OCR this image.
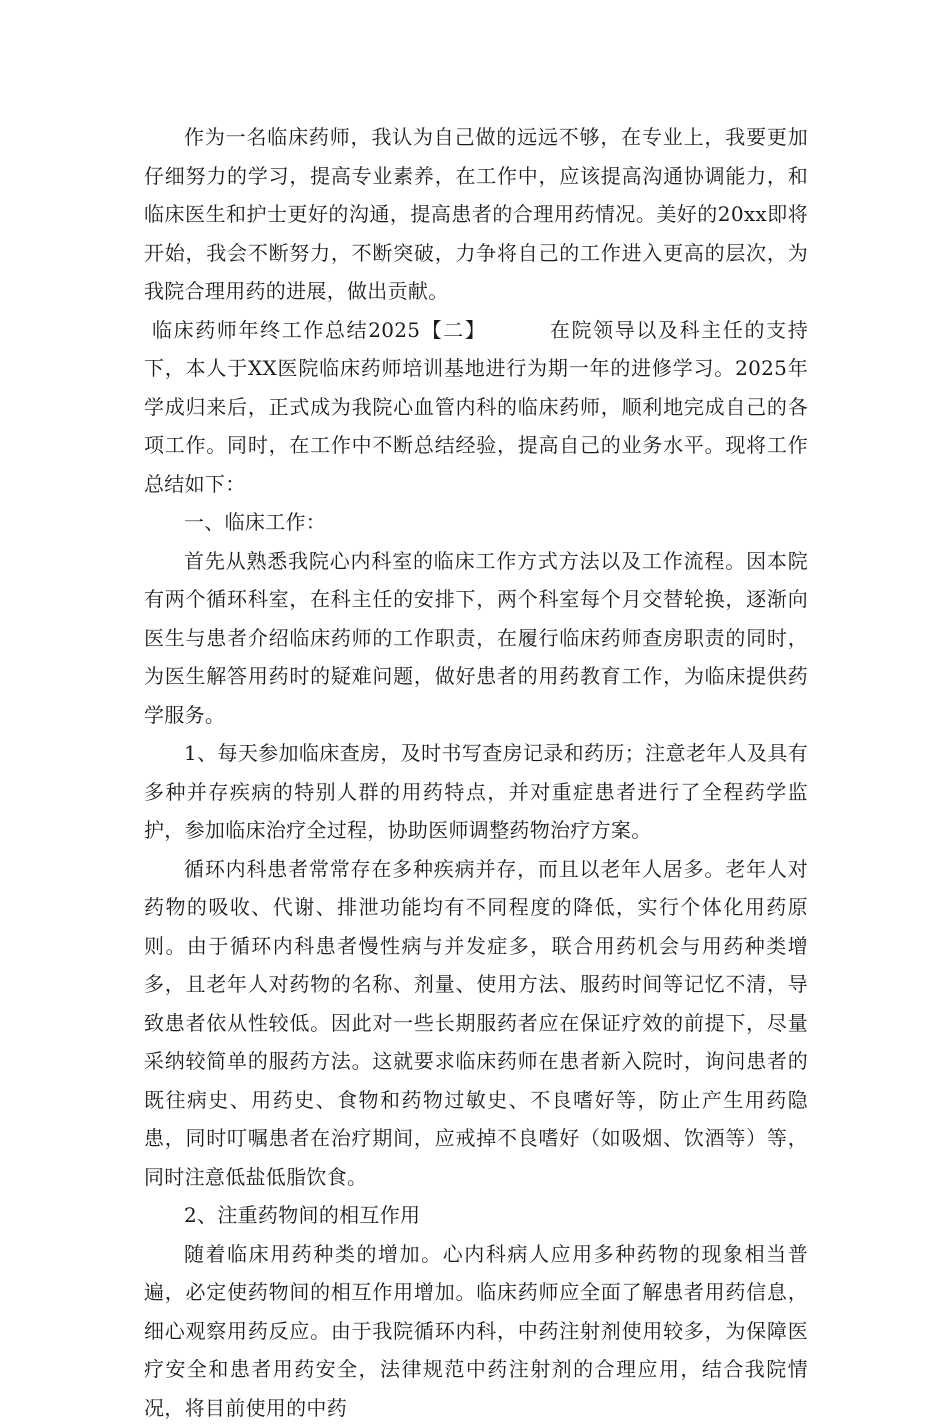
作为一名临床药师，我认为自己做的远远不够，在专业上，我要更加仔细努力的学习，提高专业素养，在工作中，应该提高沟通协调能力，和临床医生和护士更好的沟通，提高患者的合理用药情况。美好的20xx即将开始，我会不断努力，不断突破，力争将自己的工作进入更高的层次，为我院合理用药的进展，做出贡献。

临床药师年终工作总结2025【二】	在院领导以及科主任的支持下，本人于XX医院临床药师培训基地进行为期一年的进修学习。2025年学成归来后，正式成为我院心血管内科的临床药师，顺利地完成自己的各项工作。同时，在工作中不断总结经验，提高自己的业务水平。现将工作总结如下：

一、临床工作：

首先从熟悉我院心内科室的临床工作方式方法以及工作流程。因本院有两个循环科室，在科主任的安排下，两个科室每个月交替轮换，逐渐向医生与患者介绍临床药师的工作职责，在履行临床药师查房职责的同时，为医生解答用药时的疑难问题，做好患者的用药教育工作，为临床提供药学服务。

1、每天参加临床查房，及时书写查房记录和药历；注意老年人及具有多种并存疾病的特别人群的用药特点，并对重症患者进行了全程药学监护，参加临床治疗全过程，协助医师调整药物治疗方案。

循环内科患者常常存在多种疾病并存，而且以老年人居多。老年人对药物的吸收、代谢、排泄功能均有不同程度的降低，实行个体化用药原则。由于循环内科患者慢性病与并发症多，联合用药机会与用药种类增多，且老年人对药物的名称、剂量、使用方法、服药时间等记忆不清，导致患者依从性较低。因此对一些长期服药者应在保证疗效的前提下，尽量采纳较简单的服药方法。这就要求临床药师在患者新入院时，询问患者的既往病史、用药史、食物和药物过敏史、不良嗜好等，防止产生用药隐患，同时叮嘱患者在治疗期间，应戒掉不良嗜好（如吸烟、饮酒等）等，同时注意低盐低脂饮食。

2、注重药物间的相互作用

随着临床用药种类的增加。心内科病人应用多种药物的现象相当普遍，必定使药物间的相互作用增加。临床药师应全面了解患者用药信息，细心观察用药反应。由于我院循环内科，中药注射剂使用较多，为保障医疗安全和患者用药安全，法律规范中药注射剂的合理应用，结合我院情况，将目前使用的中药
